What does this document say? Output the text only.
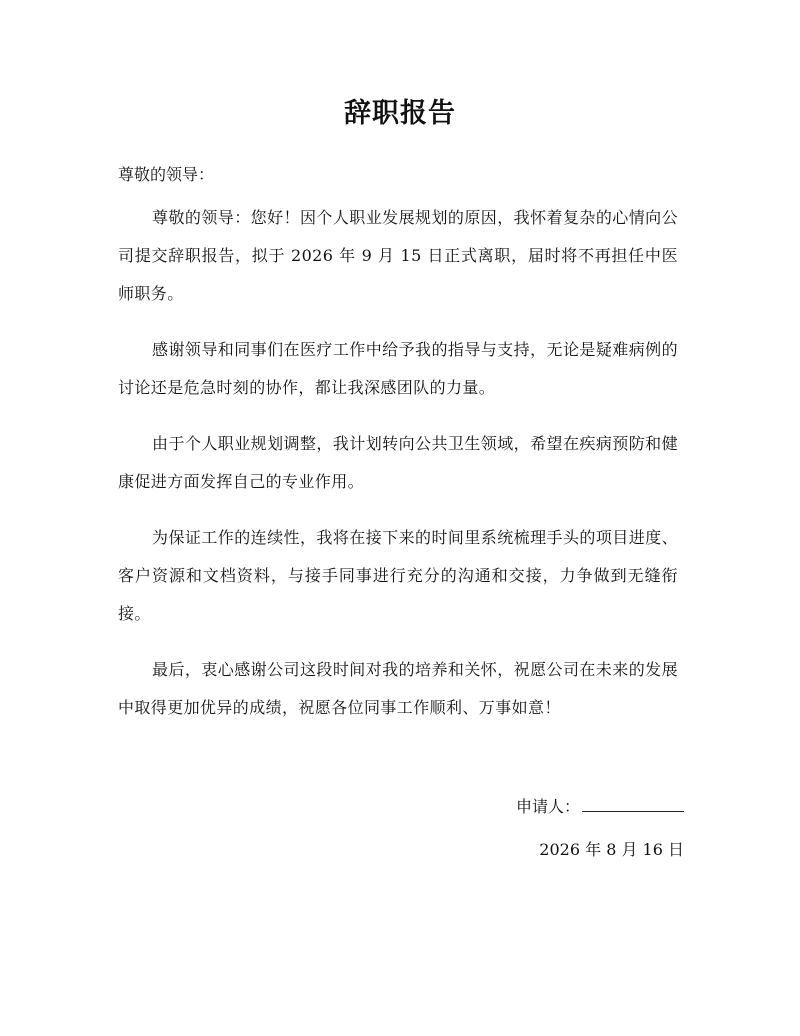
辞职报告
尊敬的领导：

尊敬的领导：您好！因个人职业发展规划的原因，我怀着复杂的心情向公司提交辞职报告，拟于 2026 年 9 月 15 日正式离职，届时将不再担任中医师职务。

感谢领导和同事们在医疗工作中给予我的指导与支持，无论是疑难病例的讨论还是危急时刻的协作，都让我深感团队的力量。

由于个人职业规划调整，我计划转向公共卫生领域，希望在疾病预防和健康促进方面发挥自己的专业作用。

为保证工作的连续性，我将在接下来的时间里系统梳理手头的项目进度、客户资源和文档资料，与接手同事进行充分的沟通和交接，力争做到无缝衔接。

最后，衷心感谢公司这段时间对我的培养和关怀，祝愿公司在未来的发展中取得更加优异的成绩，祝愿各位同事工作顺利、万事如意！

申请人：
2026 年 8 月 16 日
